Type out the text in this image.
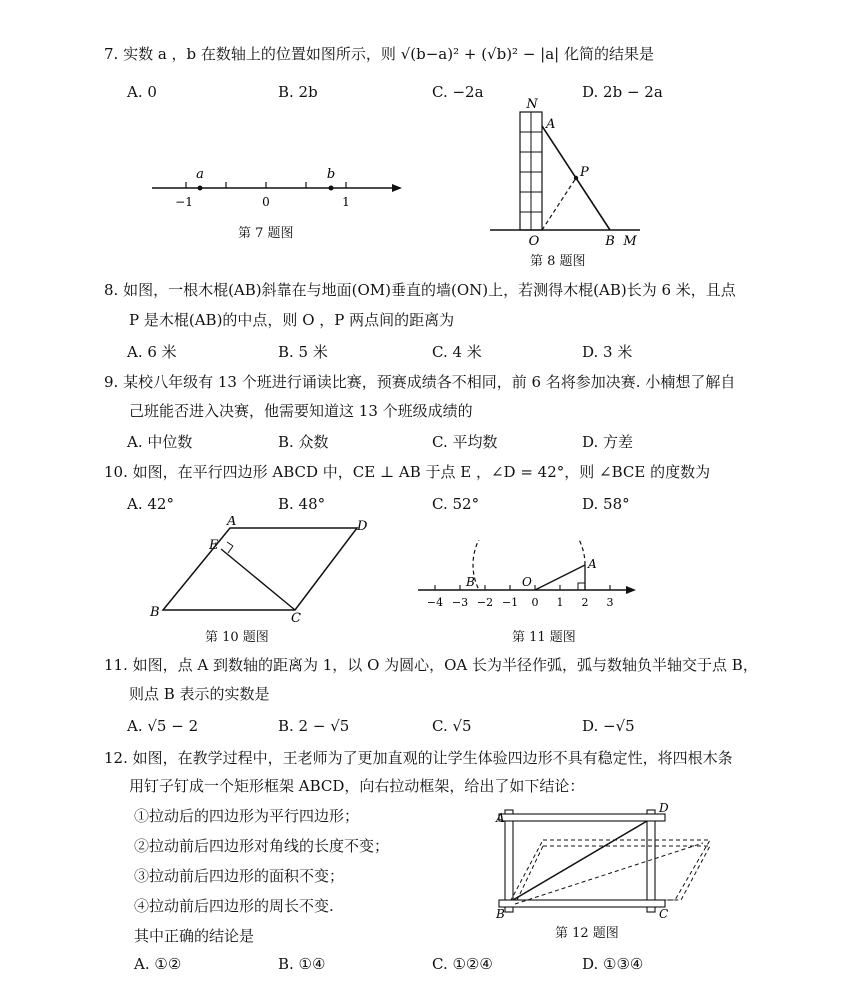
7. 实数 a ，b 在数轴上的位置如图所示，则 √(b−a)² + (√b)² − |a| 化简的结果是
A. 0	B. 2b	C. −2a	D. 2b − 2a
a	b
−1	0	1
第 7 题图
N
A
P
O	B M
第 8 题图
8. 如图，一根木棍(AB)斜靠在与地面(OM)垂直的墙(ON)上，若测得木棍(AB)长为 6 米，且点
P 是木棍(AB)的中点，则 O ，P 两点间的距离为
A. 6 米	B. 5 米	C. 4 米	D. 3 米
9. 某校八年级有 13 个班进行诵读比赛，预赛成绩各不相同，前 6 名将参加决赛. 小楠想了解自
己班能否进入决赛，他需要知道这 13 个班级成绩的
A. 中位数	B. 众数	C. 平均数	D. 方差
10. 如图，在平行四边形 ABCD 中，CE ⊥ AB 于点 E ，∠D = 42°，则 ∠BCE 的度数为
A. 42°	B. 48°	C. 52°	D. 58°
A	D
E
B	C
第 10 题图
A
B	O
−4 −3 −2 −1 0 1 2 3
第 11 题图
11. 如图，点 A 到数轴的距离为 1，以 O 为圆心，OA 长为半径作弧，弧与数轴负半轴交于点 B，
则点 B 表示的实数是
A. √5 − 2	B. 2 − √5	C. √5	D. −√5
12. 如图，在教学过程中，王老师为了更加直观的让学生体验四边形不具有稳定性，将四根木条
用钉子钉成一个矩形框架 ABCD，向右拉动框架，给出了如下结论：
①拉动后的四边形为平行四边形；
②拉动前后四边形对角线的长度不变；
③拉动前后四边形的面积不变；
④拉动前后四边形的周长不变.
其中正确的结论是
A. ①②	B. ①④	C. ①②④	D. ①③④
A
D
B	C
第 12 题图
